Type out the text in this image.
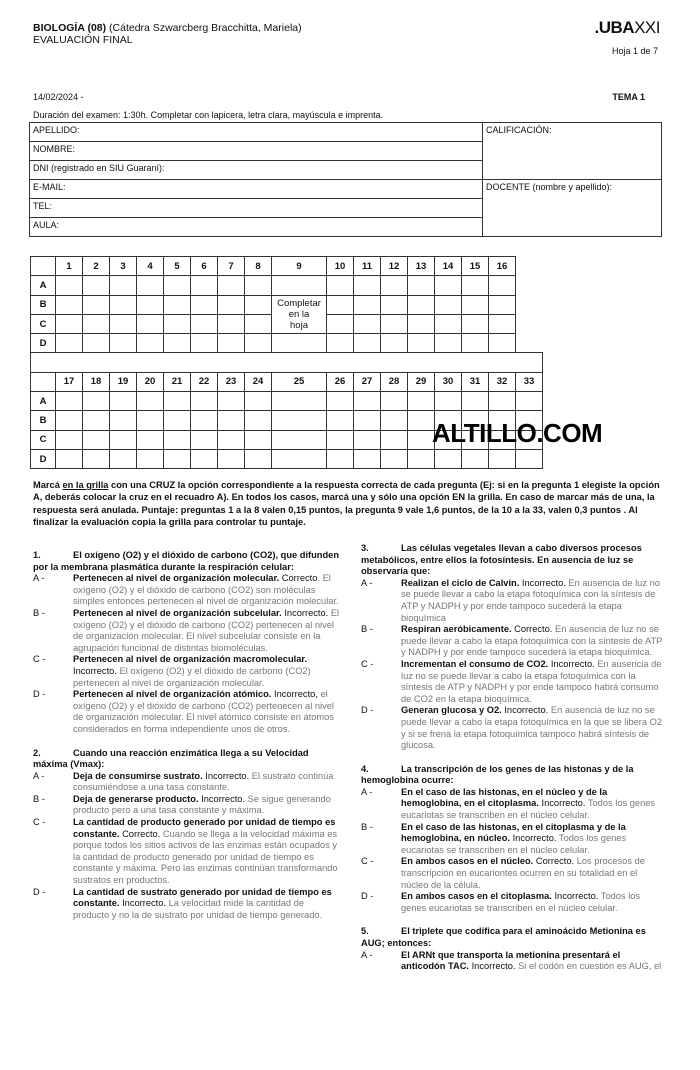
BIOLOGÍA (08) (Cátedra Szwarcberg Bracchitta, Mariela)
EVALUACIÓN FINAL
.UBAXXI
Hoja 1 de 7
14/02/2024 -	TEMA 1
Duración del examen: 1:30h. Completar con lapicera, letra clara, mayúscula e imprenta.
APELLIDO:	CALIFICACIÓN:
NOMBRE:	
DNI (registrado en SIU Guaraní):	
E-MAIL:	DOCENTE (nombre y apellido):
TEL:	
AULA:	
	1	2	3	4	5	6	7	8	9	10	11	12	13	14	15	16	
A																	
B									Completar
en la
hoja								
C																	
D																	

	17	18	19	20	21	22	23	24	25	26	27	28	29	30	31	32	33
A																	
B																	
C																	
D																	
ALTILLO.COM
Marcá en la grilla con una CRUZ la opción correspondiente a la respuesta correcta de cada pregunta (Ej: si en la pregunta 1 elegiste la opción A, deberás colocar la cruz en el recuadro A). En todos los casos, marcá una y sólo una opción EN la grilla. En caso de marcar más de una, la respuesta será anulada. Puntaje: preguntas 1 a la 8 valen 0,15 puntos, la pregunta 9 vale 1,6 puntos, de la 10 a la 33, valen 0,3 puntos . Al finalizar la evaluación copia la grilla para controlar tu puntaje.
1.	El oxígeno (O2) y el dióxido de carbono (CO2), que difunden por la membrana plasmática durante la respiración celular:
A -	Pertenecen al nivel de organización molecular. Correcto. El oxígeno (O2) y el dióxido de carbono (CO2) son moléculas simples entonces pertenecen al nivel de organización molecular.
B -	Pertenecen al nivel de organización subcelular. Incorrecto. El oxígeno (O2) y el dióxido de carbono (CO2) pertenecen al nivel de organización molecular. El nivel subcelular consiste en la agrupación funcional de distintas biomoléculas.
C -	Pertenecen al nivel de organización macromolecular. Incorrecto. El oxígeno (O2) y el dióxido de carbono (CO2) pertenecen al nivel de organización molecular.
D -	Pertenecen al nivel de organización atómico. Incorrecto, el oxígeno (O2) y el dióxido de carbono (CO2) pertenecen al nivel de organización molecular. El nivel atómico consiste en átomos considerados en forma independiente unos de otros.
2.	Cuando una reacción enzimática llega a su Velocidad máxima (Vmax):
A -	Deja de consumirse sustrato. Incorrecto. El sustrato continúa consumiéndose a una tasa constante.
B -	Deja de generarse producto. Incorrecto. Se sigue generando producto pero a una tasa constante y máxima.
C -	La cantidad de producto generado por unidad de tiempo es constante. Correcto. Cuando se llega a la velocidad máxima es porque todos los sitios activos de las enzimas están ocupados y la cantidad de producto generado por unidad de tiempo es constante y máxima. Pero las enzimas continúan transformando sustratos en productos.
D -	La cantidad de sustrato generado por unidad de tiempo es constante. Incorrecto. La velocidad mide la cantidad de producto y no la de sustrato por unidad de tiempo generado.
3.	Las células vegetales llevan a cabo diversos procesos metabólicos, entre ellos la fotosíntesis. En ausencia de luz se observaría que:
A -	Realizan el ciclo de Calvin. Incorrecto. En ausencia de luz no se puede llevar a cabo la etapa fotoquímica con la síntesis de ATP y NADPH y por ende tampoco sucederá la etapa bioquímica
B -	Respiran aeróbicamente. Correcto. En ausencia de luz no se puede llevar a cabo la etapa fotoquímica con la síntesis de ATP y NADPH y por ende tampoco sucederá la etapa bioquímica.
C -	Incrementan el consumo de CO2. Incorrecto. En ausencia de luz no se puede llevar a cabo la etapa fotoquímica con la síntesis de ATP y NADPH y por ende tampoco habrá consumo de CO2 en la etapa bioquímica.
D -	Generan glucosa y O2. Incorrecto. En ausencia de luz no se puede llevar a cabo la etapa fotoquímica en la que se libera O2 y si se frena la etapa fotoquímica tampoco habrá síntesis de glucosa.
4.	La transcripción de los genes de las histonas y de la hemoglobina ocurre:
A -	En el caso de las histonas, en el núcleo y de la hemoglobina, en el citoplasma. Incorrecto. Todos los genes eucariotas se transcriben en el núcleo celular.
B -	En el caso de las histonas, en el citoplasma y de la hemoglobina, en núcleo. Incorrecto. Todos los genes eucariotas se transcriben en el núcleo celular.
C -	En ambos casos en el núcleo. Correcto. Los procesos de transcripción en eucariontes ocurren en su totalidad en el núcleo de la célula.
D -	En ambos casos en el citoplasma. Incorrecto. Todos los genes eucariotas se transcriben en el núcleo celular.
5.	El triplete que codifica para el aminoácido Metionina es AUG; entonces:
A -	El ARNt que transporta la metionina presentará el anticodón TAC. Incorrecto. Si el codón en cuestión es AUG, el
